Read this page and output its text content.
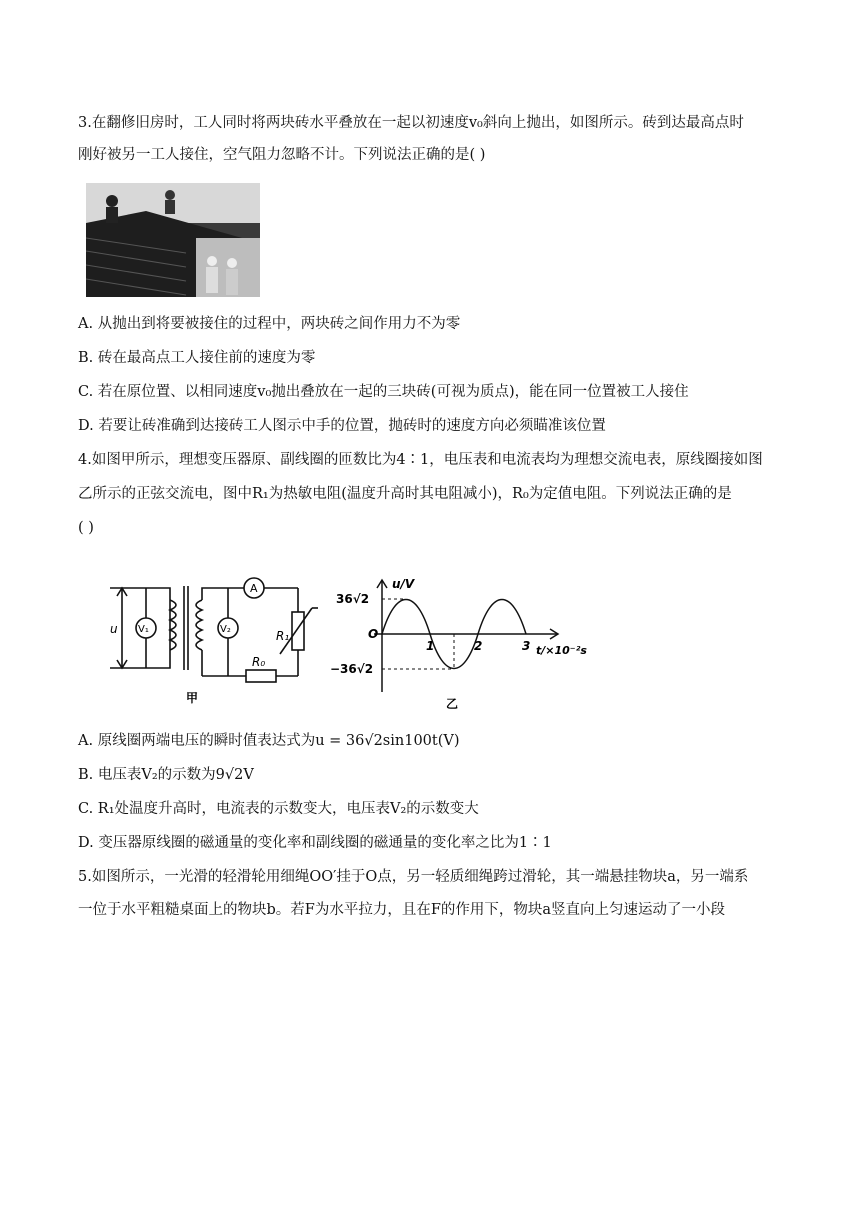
3.在翻修旧房时，工人同时将两块砖水平叠放在一起以初速度v₀斜向上抛出，如图所示。砖到达最高点时
刚好被另一工人接住，空气阻力忽略不计。下列说法正确的是( )
A. 从抛出到将要被接住的过程中，两块砖之间作用力不为零
B. 砖在最高点工人接住前的速度为零
C. 若在原位置、以相同速度v₀抛出叠放在一起的三块砖(可视为质点)，能在同一位置被工人接住
D. 若要让砖准确到达接砖工人图示中手的位置，抛砖时的速度方向必须瞄准该位置
4.如图甲所示，理想变压器原、副线圈的匝数比为4∶1，电压表和电流表均为理想交流电表，原线圈接如图
乙所示的正弦交流电，图中R₁为热敏电阻(温度升高时其电阻减小)，R₀为定值电阻。下列说法正确的是
( )
u V₁	V₂
A
R₁
R₀
甲
u/V
36√2
−36√2
O
1	2	3 t/×10⁻²s
乙
A. 原线圈两端电压的瞬时值表达式为u = 36√2sin100t(V)
B. 电压表V₂的示数为9√2V
C. R₁处温度升高时，电流表的示数变大，电压表V₂的示数变大
D. 变压器原线圈的磁通量的变化率和副线圈的磁通量的变化率之比为1∶1
5.如图所示，一光滑的轻滑轮用细绳OO′挂于O点，另一轻质细绳跨过滑轮，其一端悬挂物块a，另一端系
一位于水平粗糙桌面上的物块b。若F为水平拉力，且在F的作用下，物块a竖直向上匀速运动了一小段
